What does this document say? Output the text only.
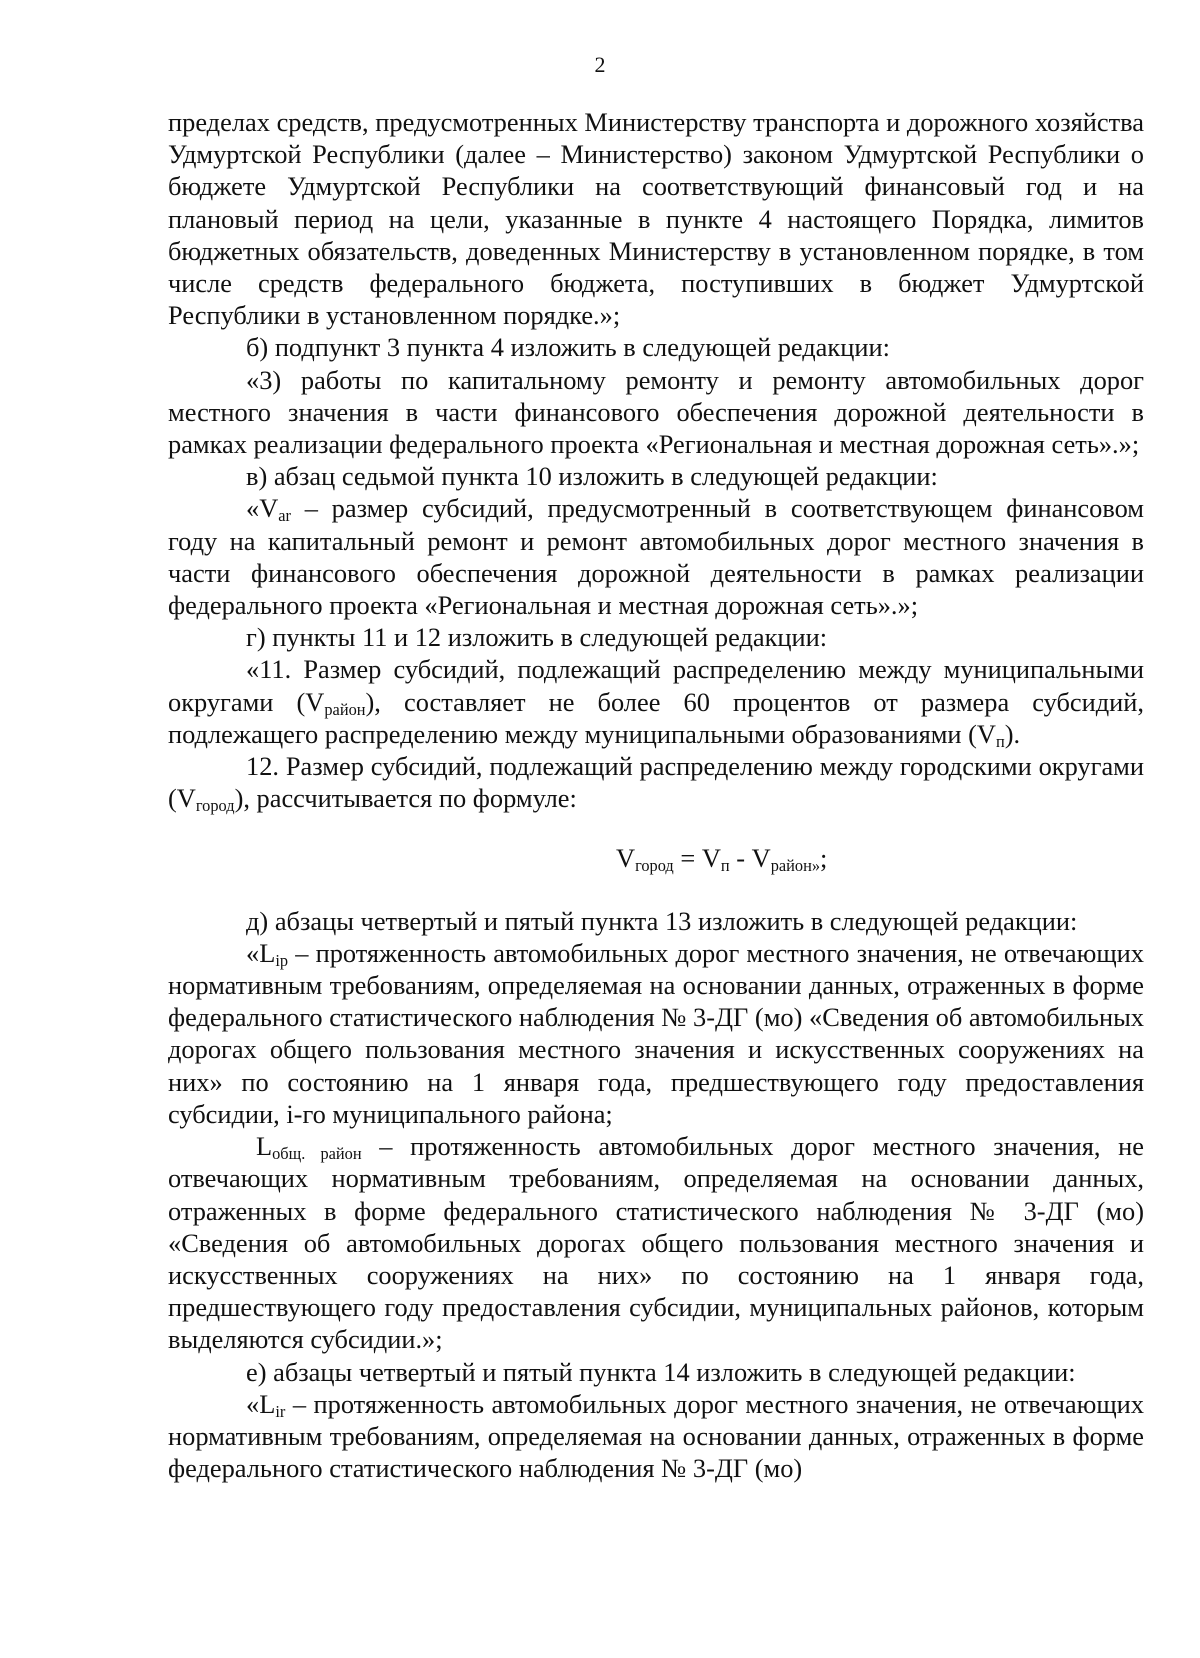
2

пределах средств, предусмотренных Министерству транспорта и дорожного хозяйства Удмуртской Республики (далее – Министерство) законом Удмуртской Республики о бюджете Удмуртской Республики на соответствующий финансовый год и на плановый период на цели, указанные в пункте 4 настоящего Порядка, лимитов бюджетных обязательств, доведенных Министерству в установленном порядке, в том числе средств федерального бюджета, поступивших в бюджет Удмуртской Республики в установленном порядке.»;

б) подпункт 3 пункта 4 изложить в следующей редакции:

«3) работы по капитальному ремонту и ремонту автомобильных дорог местного значения в части финансового обеспечения дорожной деятельности в рамках реализации федерального проекта «Региональная и местная дорожная сеть».»;

в) абзац седьмой пункта 10 изложить в следующей редакции:

«$V_{ar}$ – размер субсидий, предусмотренный в соответствующем финансовом году на капитальный ремонт и ремонт автомобильных дорог местного значения в части финансового обеспечения дорожной деятельности в рамках реализации федерального проекта «Региональная и местная дорожная сеть».»;

г) пункты 11 и 12 изложить в следующей редакции:

«11. Размер субсидий, подлежащий распределению между муниципальными округами $(V_{район})$, составляет не более 60 процентов от размера субсидий, подлежащего распределению между муниципальными образованиями $(V_п)$.

12. Размер субсидий, подлежащий распределению между городскими округами $(V_{город})$, рассчитывается по формуле:

$V_{город} = V_п - V_{район»}$;

д) абзацы четвертый и пятый пункта 13 изложить в следующей редакции:

«$L_{ip}$ – протяженность автомобильных дорог местного значения, не отвечающих нормативным требованиям, определяемая на основании данных, отраженных в форме федерального статистического наблюдения № 3-ДГ (мо) «Сведения об автомобильных дорогах общего пользования местного значения и искусственных сооружениях на них» по состоянию на 1 января года, предшествующего году предоставления субсидии, i-го муниципального района;

$L_{общ. район}$ – протяженность автомобильных дорог местного значения, не отвечающих нормативным требованиям, определяемая на основании данных, отраженных в форме федерального статистического наблюдения № 3-ДГ (мо) «Сведения об автомобильных дорогах общего пользования местного значения и искусственных сооружениях на них» по состоянию на 1 января года, предшествующего году предоставления субсидии, муниципальных районов, которым выделяются субсидии.»;

е) абзацы четвертый и пятый пункта 14 изложить в следующей редакции:

«$L_{ir}$ – протяженность автомобильных дорог местного значения, не отвечающих нормативным требованиям, определяемая на основании данных, отраженных в форме федерального статистического наблюдения № 3-ДГ (мо)
